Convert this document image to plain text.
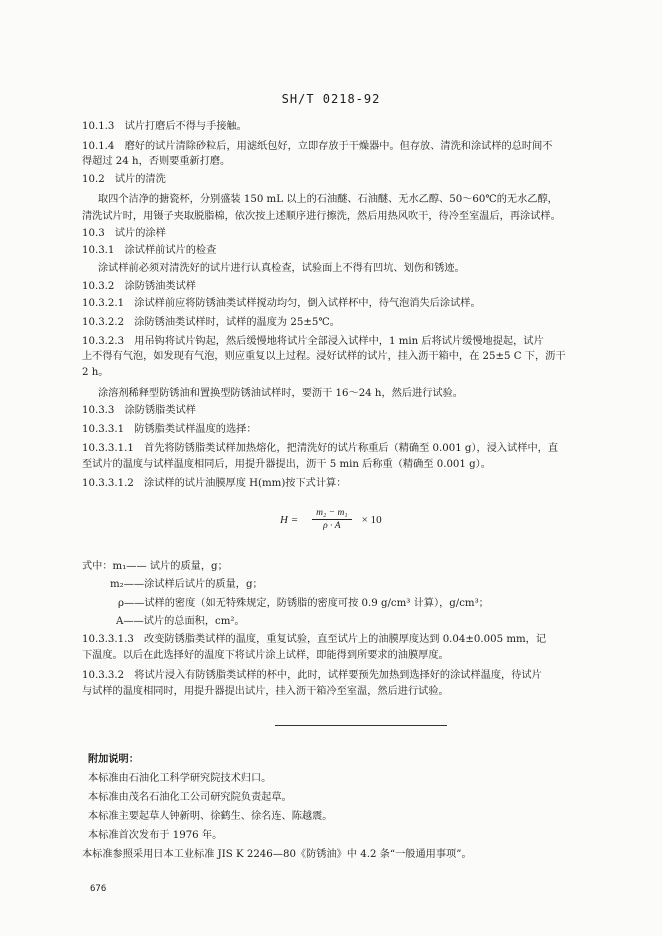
SH/T 0218-92
10.1.3　试片打磨后不得与手接触。
10.1.4　磨好的试片清除砂粒后，用滤纸包好，立即存放于干燥器中。但存放、清洗和涂试样的总时间不
得超过 24 h，否则要重新打磨。
10.2　试片的清洗
取四个洁净的搪瓷杯，分别盛装 150 mL 以上的石油醚、石油醚、无水乙醇、50～60℃的无水乙醇，
清洗试片时，用镊子夹取脱脂棉，依次按上述顺序进行擦洗，然后用热风吹干，待冷至室温后，再涂试样。
10.3　试片的涂样
10.3.1　涂试样前试片的检查
涂试样前必须对清洗好的试片进行认真检查，试验面上不得有凹坑、划伤和锈迹。
10.3.2　涂防锈油类试样
10.3.2.1　涂试样前应将防锈油类试样搅动均匀，倒入试样杯中，待气泡消失后涂试样。
10.3.2.2　涂防锈油类试样时，试样的温度为 25±5℃。
10.3.2.3　用吊钩将试片钩起，然后缓慢地将试片全部浸入试样中，1 min 后将试片缓慢地提起，试片
上不得有气泡，如发现有气泡，则应重复以上过程。浸好试样的试片，挂入沥干箱中，在 25±5 C 下，沥干
2 h。
涂溶剂稀释型防锈油和置换型防锈油试样时，要沥干 16～24 h，然后进行试验。
10.3.3　涂防锈脂类试样
10.3.3.1　防锈脂类试样温度的选择：
10.3.3.1.1　首先将防锈脂类试样加热熔化，把清洗好的试片称重后（精确至 0.001 g），浸入试样中，直
至试片的温度与试样温度相同后，用提升器提出，沥干 5 min 后称重（精确至 0.001 g）。
10.3.3.1.2　涂试样的试片油膜厚度 H(mm)按下式计算：
$H = \frac{\text{m₂ − m₁}}{\rho \cdot A} \times 10$
式中：m₁—— 试片的质量，g；
m₂——涂试样后试片的质量，g；
ρ——试样的密度（如无特殊规定，防锈脂的密度可按 0.9 g/cm³ 计算），g/cm³；
A——试片的总面积，cm²。
10.3.3.1.3　改变防锈脂类试样的温度，重复试验，直至试片上的油膜厚度达到 0.04±0.005 mm，记
下温度。以后在此选择好的温度下将试片涂上试样，即能得到所要求的油膜厚度。
10.3.3.2　将试片浸入有防锈脂类试样的杯中，此时，试样要预先加热到选择好的涂试样温度，待试片
与试样的温度相同时，用提升器提出试片，挂入沥干箱冷至室温，然后进行试验。
附加说明：
本标准由石油化工科学研究院技术归口。
本标准由茂名石油化工公司研究院负责起草。
本标准主要起草人钟新明、徐鹤生、徐名连、陈越震。
本标准首次发布于 1976 年。
本标准参照采用日本工业标准 JIS K 2246—80《防锈油》中 4.2 条“一般通用事项”。
676
